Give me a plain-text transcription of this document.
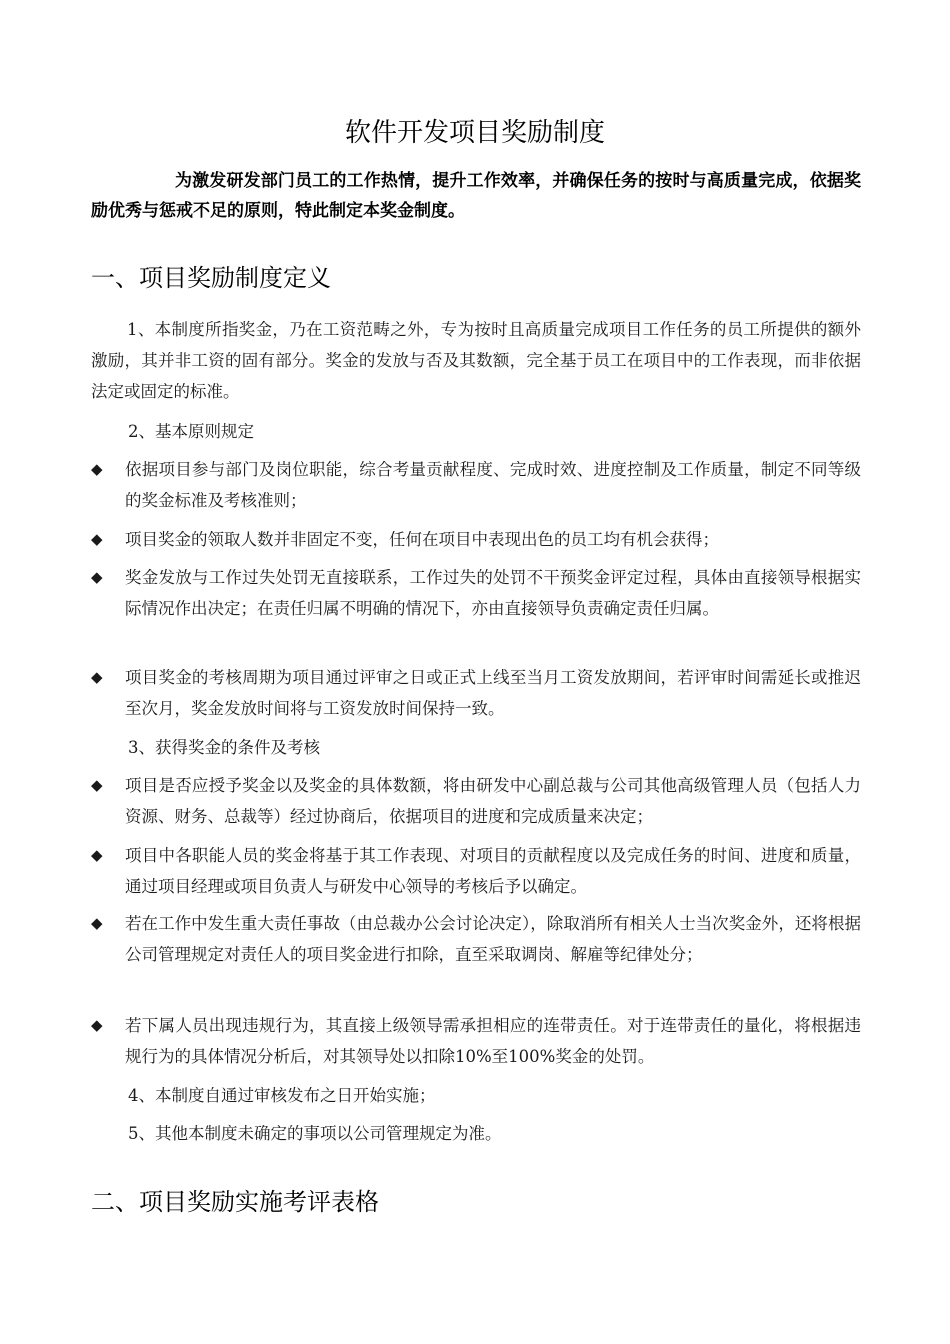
软件开发项目奖励制度

为激发研发部门员工的工作热情，提升工作效率，并确保任务的按时与高质量完成，依据奖励优秀与惩戒不足的原则，特此制定本奖金制度。

一、项目奖励制度定义

1、本制度所指奖金，乃在工资范畴之外，专为按时且高质量完成项目工作任务的员工所提供的额外激励，其并非工资的固有部分。奖金的发放与否及其数额，完全基于员工在项目中的工作表现，而非依据法定或固定的标准。

2、基本原则规定

◆	依据项目参与部门及岗位职能，综合考量贡献程度、完成时效、进度控制及工作质量，制定不同等级的奖金标准及考核准则；
◆	项目奖金的领取人数并非固定不变，任何在项目中表现出色的员工均有机会获得；
◆	奖金发放与工作过失处罚无直接联系，工作过失的处罚不干预奖金评定过程，具体由直接领导根据实际情况作出决定；在责任归属不明确的情况下，亦由直接领导负责确定责任归属。
◆	项目奖金的考核周期为项目通过评审之日或正式上线至当月工资发放期间，若评审时间需延长或推迟至次月，奖金发放时间将与工资发放时间保持一致。

3、获得奖金的条件及考核

◆	项目是否应授予奖金以及奖金的具体数额，将由研发中心副总裁与公司其他高级管理人员（包括人力资源、财务、总裁等）经过协商后，依据项目的进度和完成质量来决定；
◆	项目中各职能人员的奖金将基于其工作表现、对项目的贡献程度以及完成任务的时间、进度和质量，通过项目经理或项目负责人与研发中心领导的考核后予以确定。
◆	若在工作中发生重大责任事故（由总裁办公会讨论决定），除取消所有相关人士当次奖金外，还将根据公司管理规定对责任人的项目奖金进行扣除，直至采取调岗、解雇等纪律处分；
◆	若下属人员出现违规行为，其直接上级领导需承担相应的连带责任。对于连带责任的量化，将根据违规行为的具体情况分析后，对其领导处以扣除10%至100%奖金的处罚。

4、本制度自通过审核发布之日开始实施；

5、其他本制度未确定的事项以公司管理规定为准。

二、项目奖励实施考评表格
